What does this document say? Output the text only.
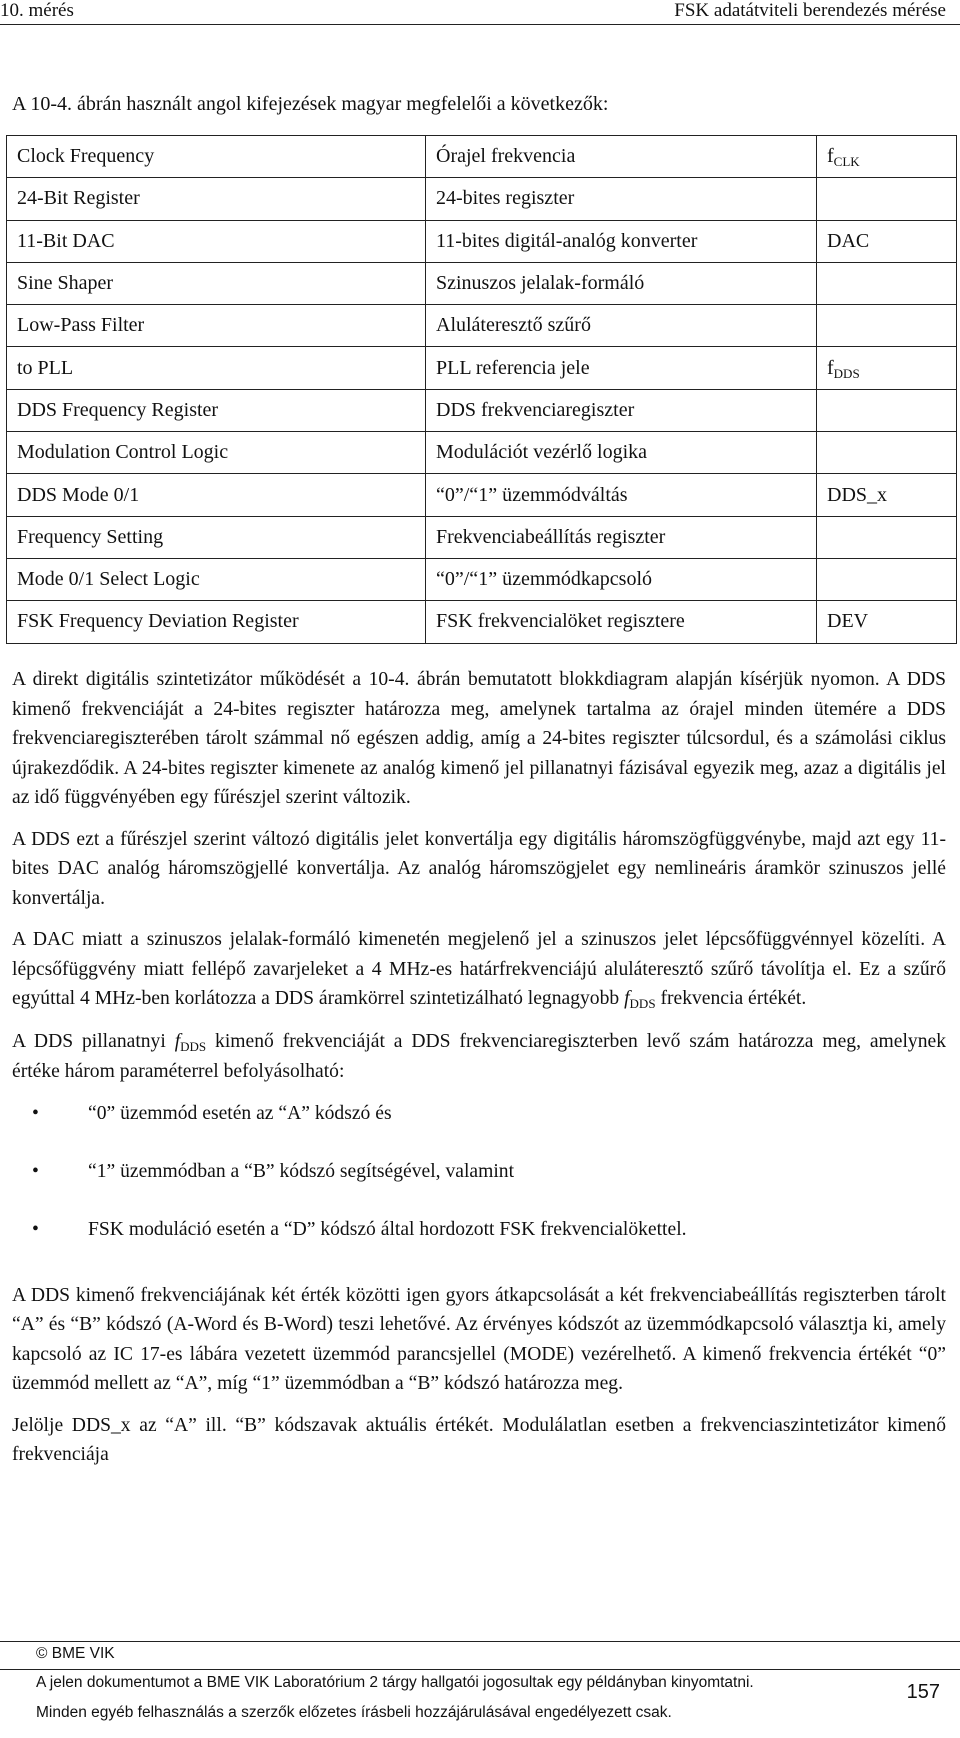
10. mérés	FSK adatátviteli berendezés mérése
A 10-4. ábrán használt angol kifejezések magyar megfelelői a következők:
Clock Frequency	Órajel frekvencia	$f_{CLK}$
24-Bit Register	24-bites regiszter	
11-Bit DAC	11-bites digitál-analóg konverter	DAC
Sine Shaper	Szinuszos jelalak-formáló	
Low-Pass Filter	Aluláteresztő szűrő	
to PLL	PLL referencia jele	$f_{DDS}$
DDS Frequency Register	DDS frekvenciaregiszter	
Modulation Control Logic	Modulációt vezérlő logika	
DDS Mode 0/1	“0”/“1” üzemmódváltás	DDS_x
Frequency Setting	Frekvenciabeállítás regiszter	
Mode 0/1 Select Logic	“0”/“1” üzemmódkapcsoló	
FSK Frequency Deviation Register	FSK frekvencialöket regisztere	DEV

A direkt digitális szintetizátor működését a 10-4. ábrán bemutatott blokkdiagram alapján kísérjük nyomon. A DDS kimenő frekvenciáját a 24-bites regiszter határozza meg, amelynek tartalma az órajel minden ütemére a DDS frekvenciaregiszterében tárolt számmal nő egészen addig, amíg a 24-bites regiszter túlcsordul, és a számolási ciklus újrakezdődik. A 24-bites regiszter kimenete az analóg kimenő jel pillanatnyi fázisával egyezik meg, azaz a digitális jel az idő függvényében egy fűrészjel szerint változik.

A DDS ezt a fűrészjel szerint változó digitális jelet konvertálja egy digitális háromszögfüggvénybe, majd azt egy 11-bites DAC analóg háromszögjellé konvertálja. Az analóg háromszögjelet egy nemlineáris áramkör szinuszos jellé konvertálja.

A DAC miatt a szinuszos jelalak-formáló kimenetén megjelenő jel a szinuszos jelet lépcsőfüggvénnyel közelíti. A lépcsőfüggvény miatt fellépő zavarjeleket a 4 MHz-es határfrekvenciájú aluláteresztő szűrő távolítja el. Ez a szűrő egyúttal 4 MHz-ben korlátozza a DDS áramkörrel szintetizálható legnagyobb $f_{DDS}$ frekvencia értékét.

A DDS pillanatnyi $f_{DDS}$ kimenő frekvenciáját a DDS frekvenciaregiszterben levő szám határozza meg, amelynek értéke három paraméterrel befolyásolható:

• “0” üzemmód esetén az “A” kódszó és
• “1” üzemmódban a “B” kódszó segítségével, valamint
• FSK moduláció esetén a “D” kódszó által hordozott FSK frekvencialökettel.

A DDS kimenő frekvenciájának két érték közötti igen gyors átkapcsolását a két frekvenciabeállítás regiszterben tárolt “A” és “B” kódszó (A-Word és B-Word) teszi lehetővé. Az érvényes kódszót az üzemmódkapcsoló választja ki, amely kapcsoló az IC 17-es lábára vezetett üzemmód parancsjellel (MODE) vezérelhető. A kimenő frekvencia értékét “0” üzemmód mellett az “A”, míg “1” üzemmódban a “B” kódszó határozza meg.

Jelölje DDS_x az “A” ill. “B” kódszavak aktuális értékét. Modulálatlan esetben a frekvenciaszintetizátor kimenő frekvenciája

© BME VIK
A jelen dokumentumot a BME VIK Laboratórium 2 tárgy hallgatói jogosultak egy példányban kinyomtatni.
Minden egyéb felhasználás a szerzők előzetes írásbeli hozzájárulásával engedélyezett csak.
157
